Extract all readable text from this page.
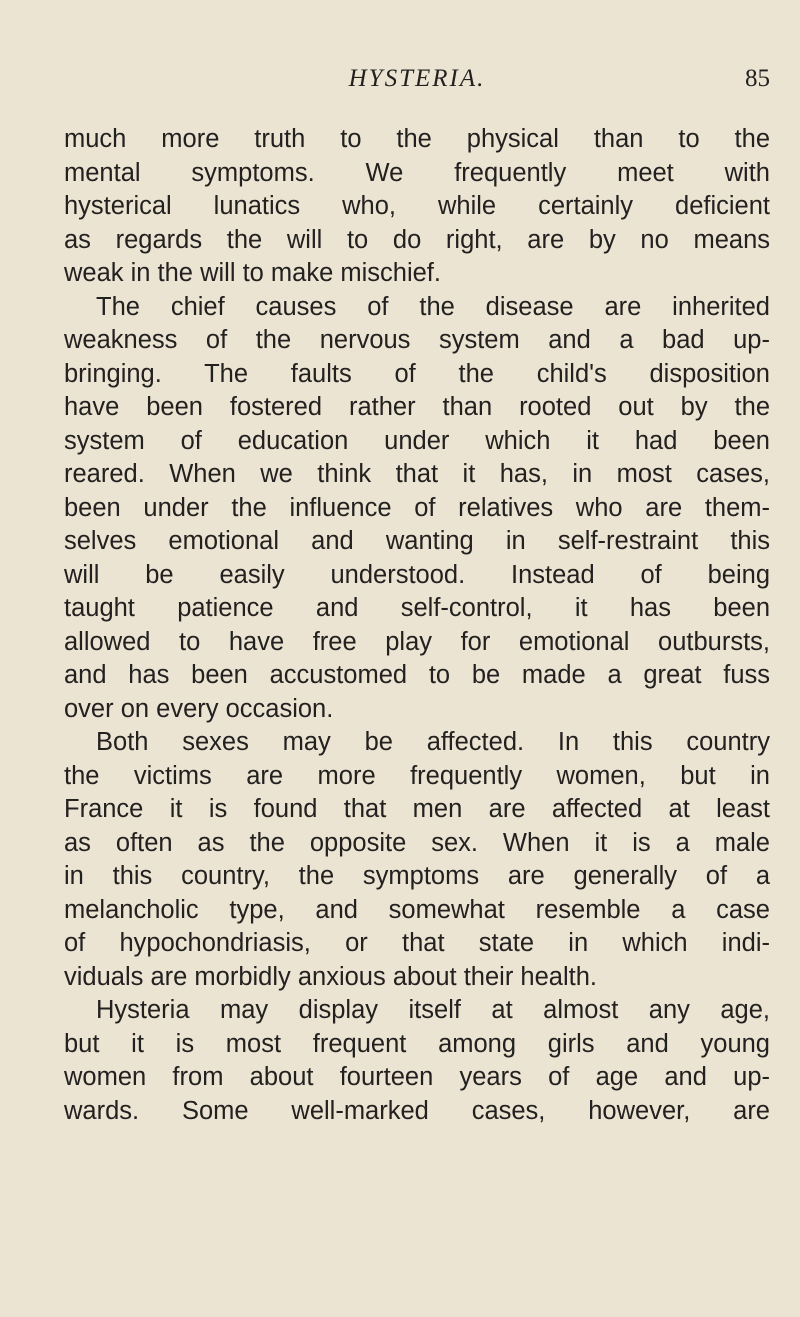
HYSTERIA.	85
much more truth to the physical than to the
mental symptoms. We frequently meet with
hysterical lunatics who, while certainly deficient
as regards the will to do right, are by no means
weak in the will to make mischief.
The chief causes of the disease are inherited
weakness of the nervous system and a bad up-
bringing. The faults of the child's disposition
have been fostered rather than rooted out by the
system of education under which it had been
reared. When we think that it has, in most cases,
been under the influence of relatives who are them-
selves emotional and wanting in self-restraint this
will be easily understood. Instead of being
taught patience and self-control, it has been
allowed to have free play for emotional outbursts,
and has been accustomed to be made a great fuss
over on every occasion.
Both sexes may be affected. In this country
the victims are more frequently women, but in
France it is found that men are affected at least
as often as the opposite sex. When it is a male
in this country, the symptoms are generally of a
melancholic type, and somewhat resemble a case
of hypochondriasis, or that state in which indi-
viduals are morbidly anxious about their health.
Hysteria may display itself at almost any age,
but it is most frequent among girls and young
women from about fourteen years of age and up-
wards. Some well-marked cases, however, are
